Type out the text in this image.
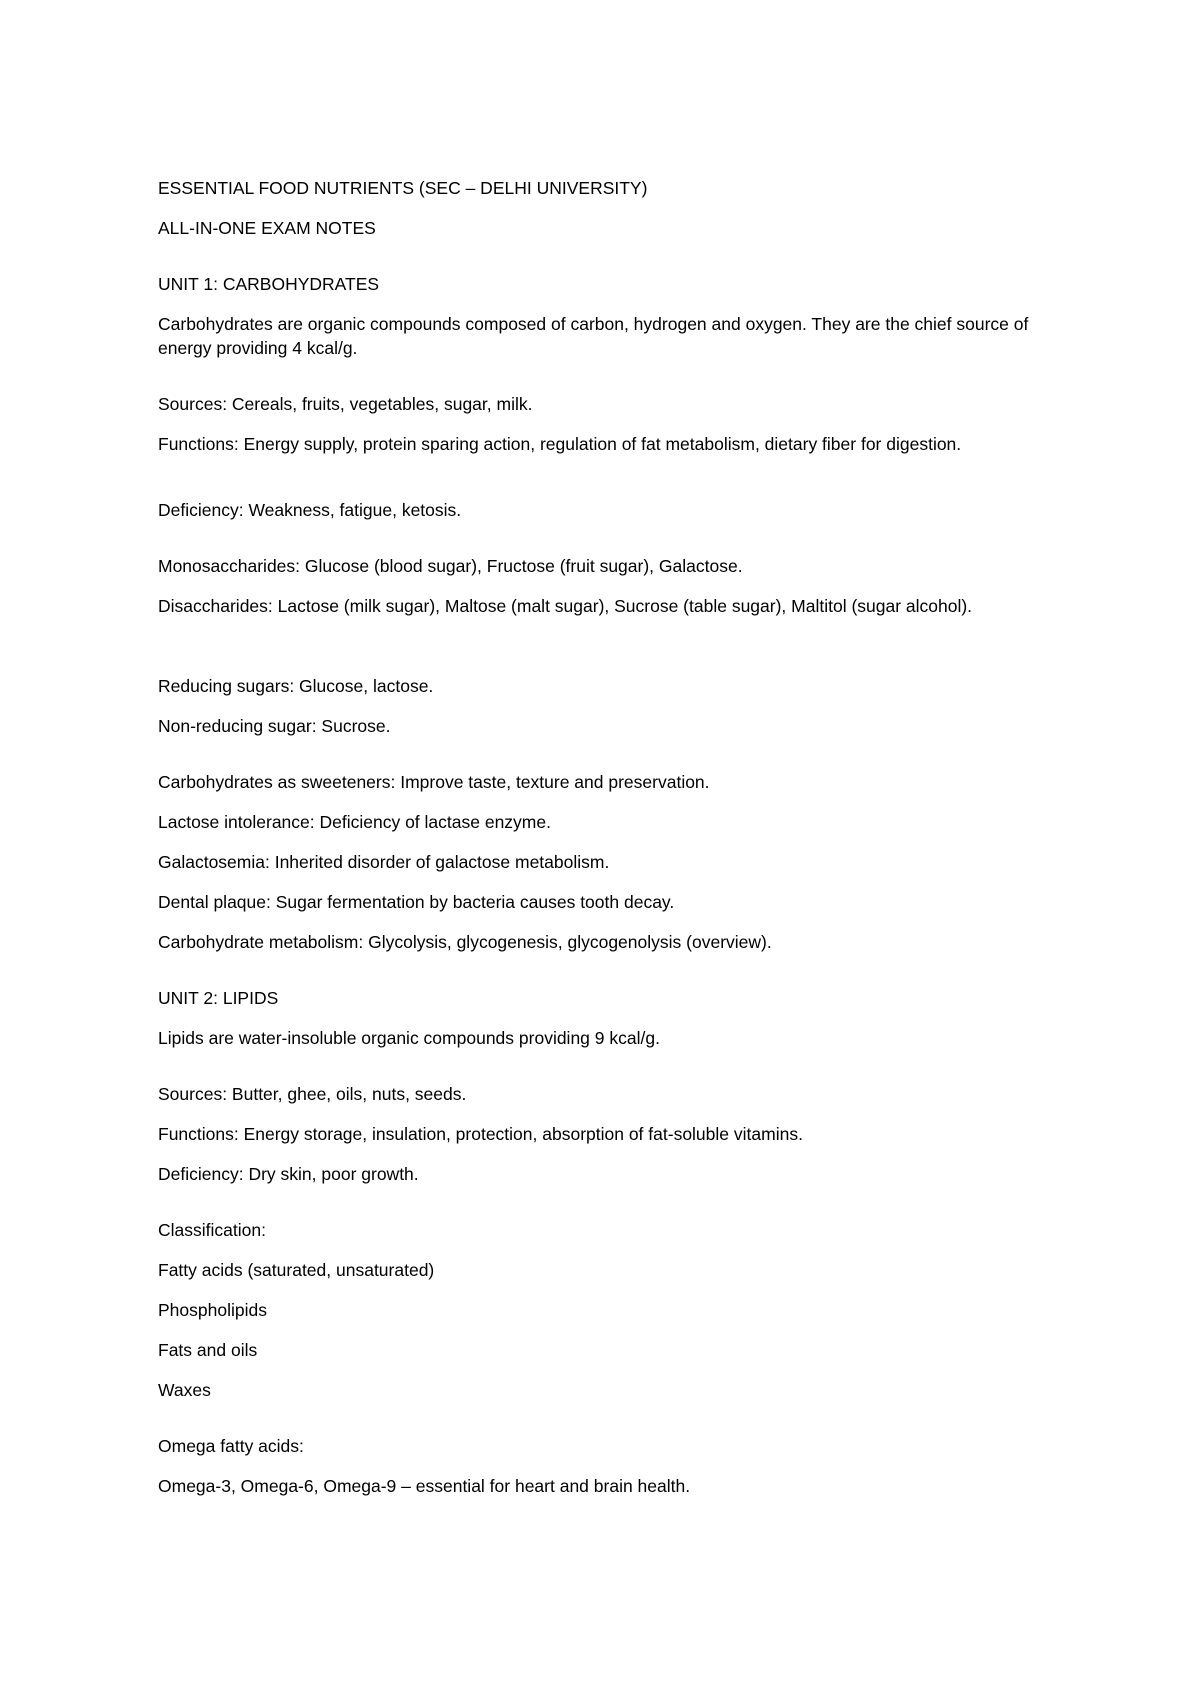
ESSENTIAL FOOD NUTRIENTS (SEC – DELHI UNIVERSITY)

ALL-IN-ONE EXAM NOTES

UNIT 1: CARBOHYDRATES

Carbohydrates are organic compounds composed of carbon, hydrogen and oxygen. They are the chief source of energy providing 4 kcal/g.

Sources: Cereals, fruits, vegetables, sugar, milk.

Functions: Energy supply, protein sparing action, regulation of fat metabolism, dietary fiber for digestion.

Deficiency: Weakness, fatigue, ketosis.

Monosaccharides: Glucose (blood sugar), Fructose (fruit sugar), Galactose.

Disaccharides: Lactose (milk sugar), Maltose (malt sugar), Sucrose (table sugar), Maltitol (sugar alcohol).

Reducing sugars: Glucose, lactose.

Non-reducing sugar: Sucrose.

Carbohydrates as sweeteners: Improve taste, texture and preservation.

Lactose intolerance: Deficiency of lactase enzyme.

Galactosemia: Inherited disorder of galactose metabolism.

Dental plaque: Sugar fermentation by bacteria causes tooth decay.

Carbohydrate metabolism: Glycolysis, glycogenesis, glycogenolysis (overview).

UNIT 2: LIPIDS

Lipids are water-insoluble organic compounds providing 9 kcal/g.

Sources: Butter, ghee, oils, nuts, seeds.

Functions: Energy storage, insulation, protection, absorption of fat-soluble vitamins.

Deficiency: Dry skin, poor growth.

Classification:

Fatty acids (saturated, unsaturated)

Phospholipids

Fats and oils

Waxes

Omega fatty acids:

Omega-3, Omega-6, Omega-9 – essential for heart and brain health.
